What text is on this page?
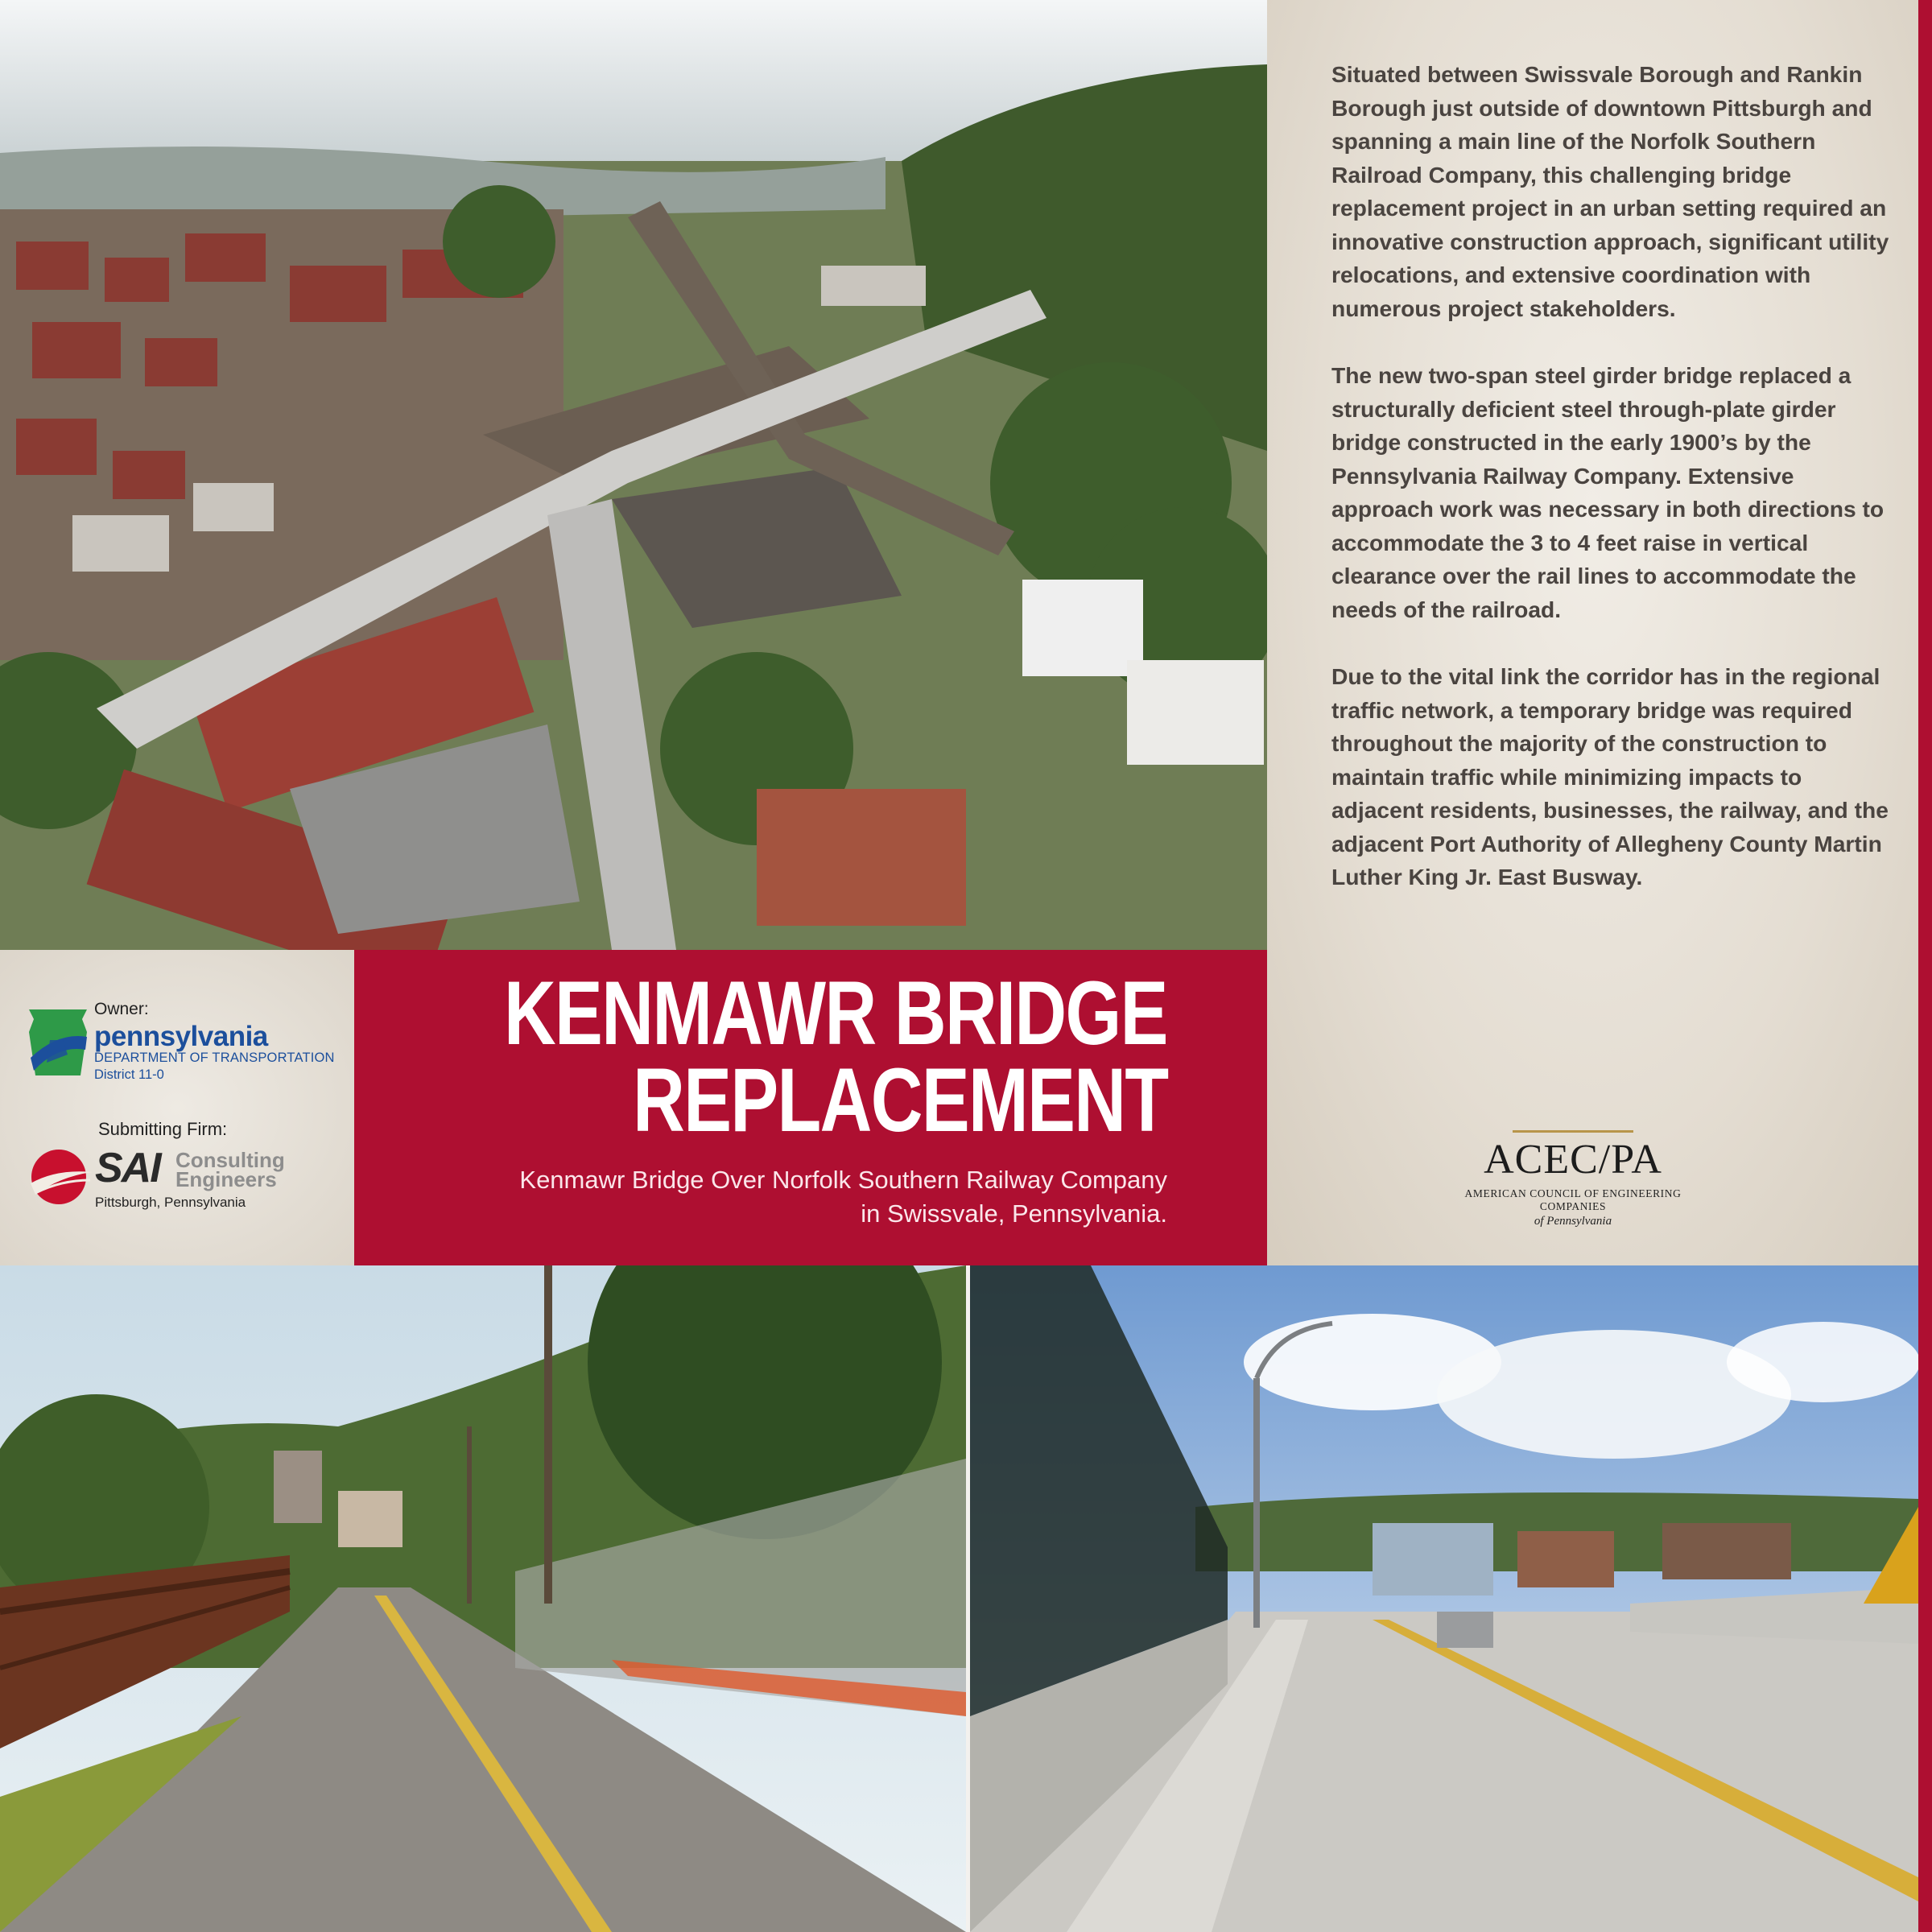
Situated between Swissvale Borough and Rankin Borough just outside of downtown Pittsburgh and spanning a main line of the Norfolk Southern Railroad Company, this challenging bridge replacement project in an urban setting required an innovative construction approach, significant utility relocations, and extensive coordination with numerous project stakeholders.

The new two-span steel girder bridge replaced a structurally deficient steel through-plate girder bridge constructed in the early 1900’s by the Pennsylvania Railway Company. Extensive approach work was necessary in both directions to accommodate the 3 to 4 feet raise in vertical clearance over the rail lines to accommodate the needs of the railroad.

Due to the vital link the corridor has in the regional traffic network, a temporary bridge was required throughout the majority of the construction to maintain traffic while minimizing impacts to adjacent residents, businesses, the railway, and the adjacent Port Authority of Allegheny County Martin Luther King Jr. East Busway.

ACEC/PA
AMERICAN COUNCIL OF ENGINEERING COMPANIES
of Pennsylvania
Owner:
pennsylvania
DEPARTMENT OF TRANSPORTATION
District 11-0
Submitting Firm:
SAI Consulting
Engineers
Pittsburgh, Pennsylvania
KENMAWR BRIDGE
REPLACEMENT
Kenmawr Bridge Over Norfolk Southern Railway Company
in Swissvale, Pennsylvania.
